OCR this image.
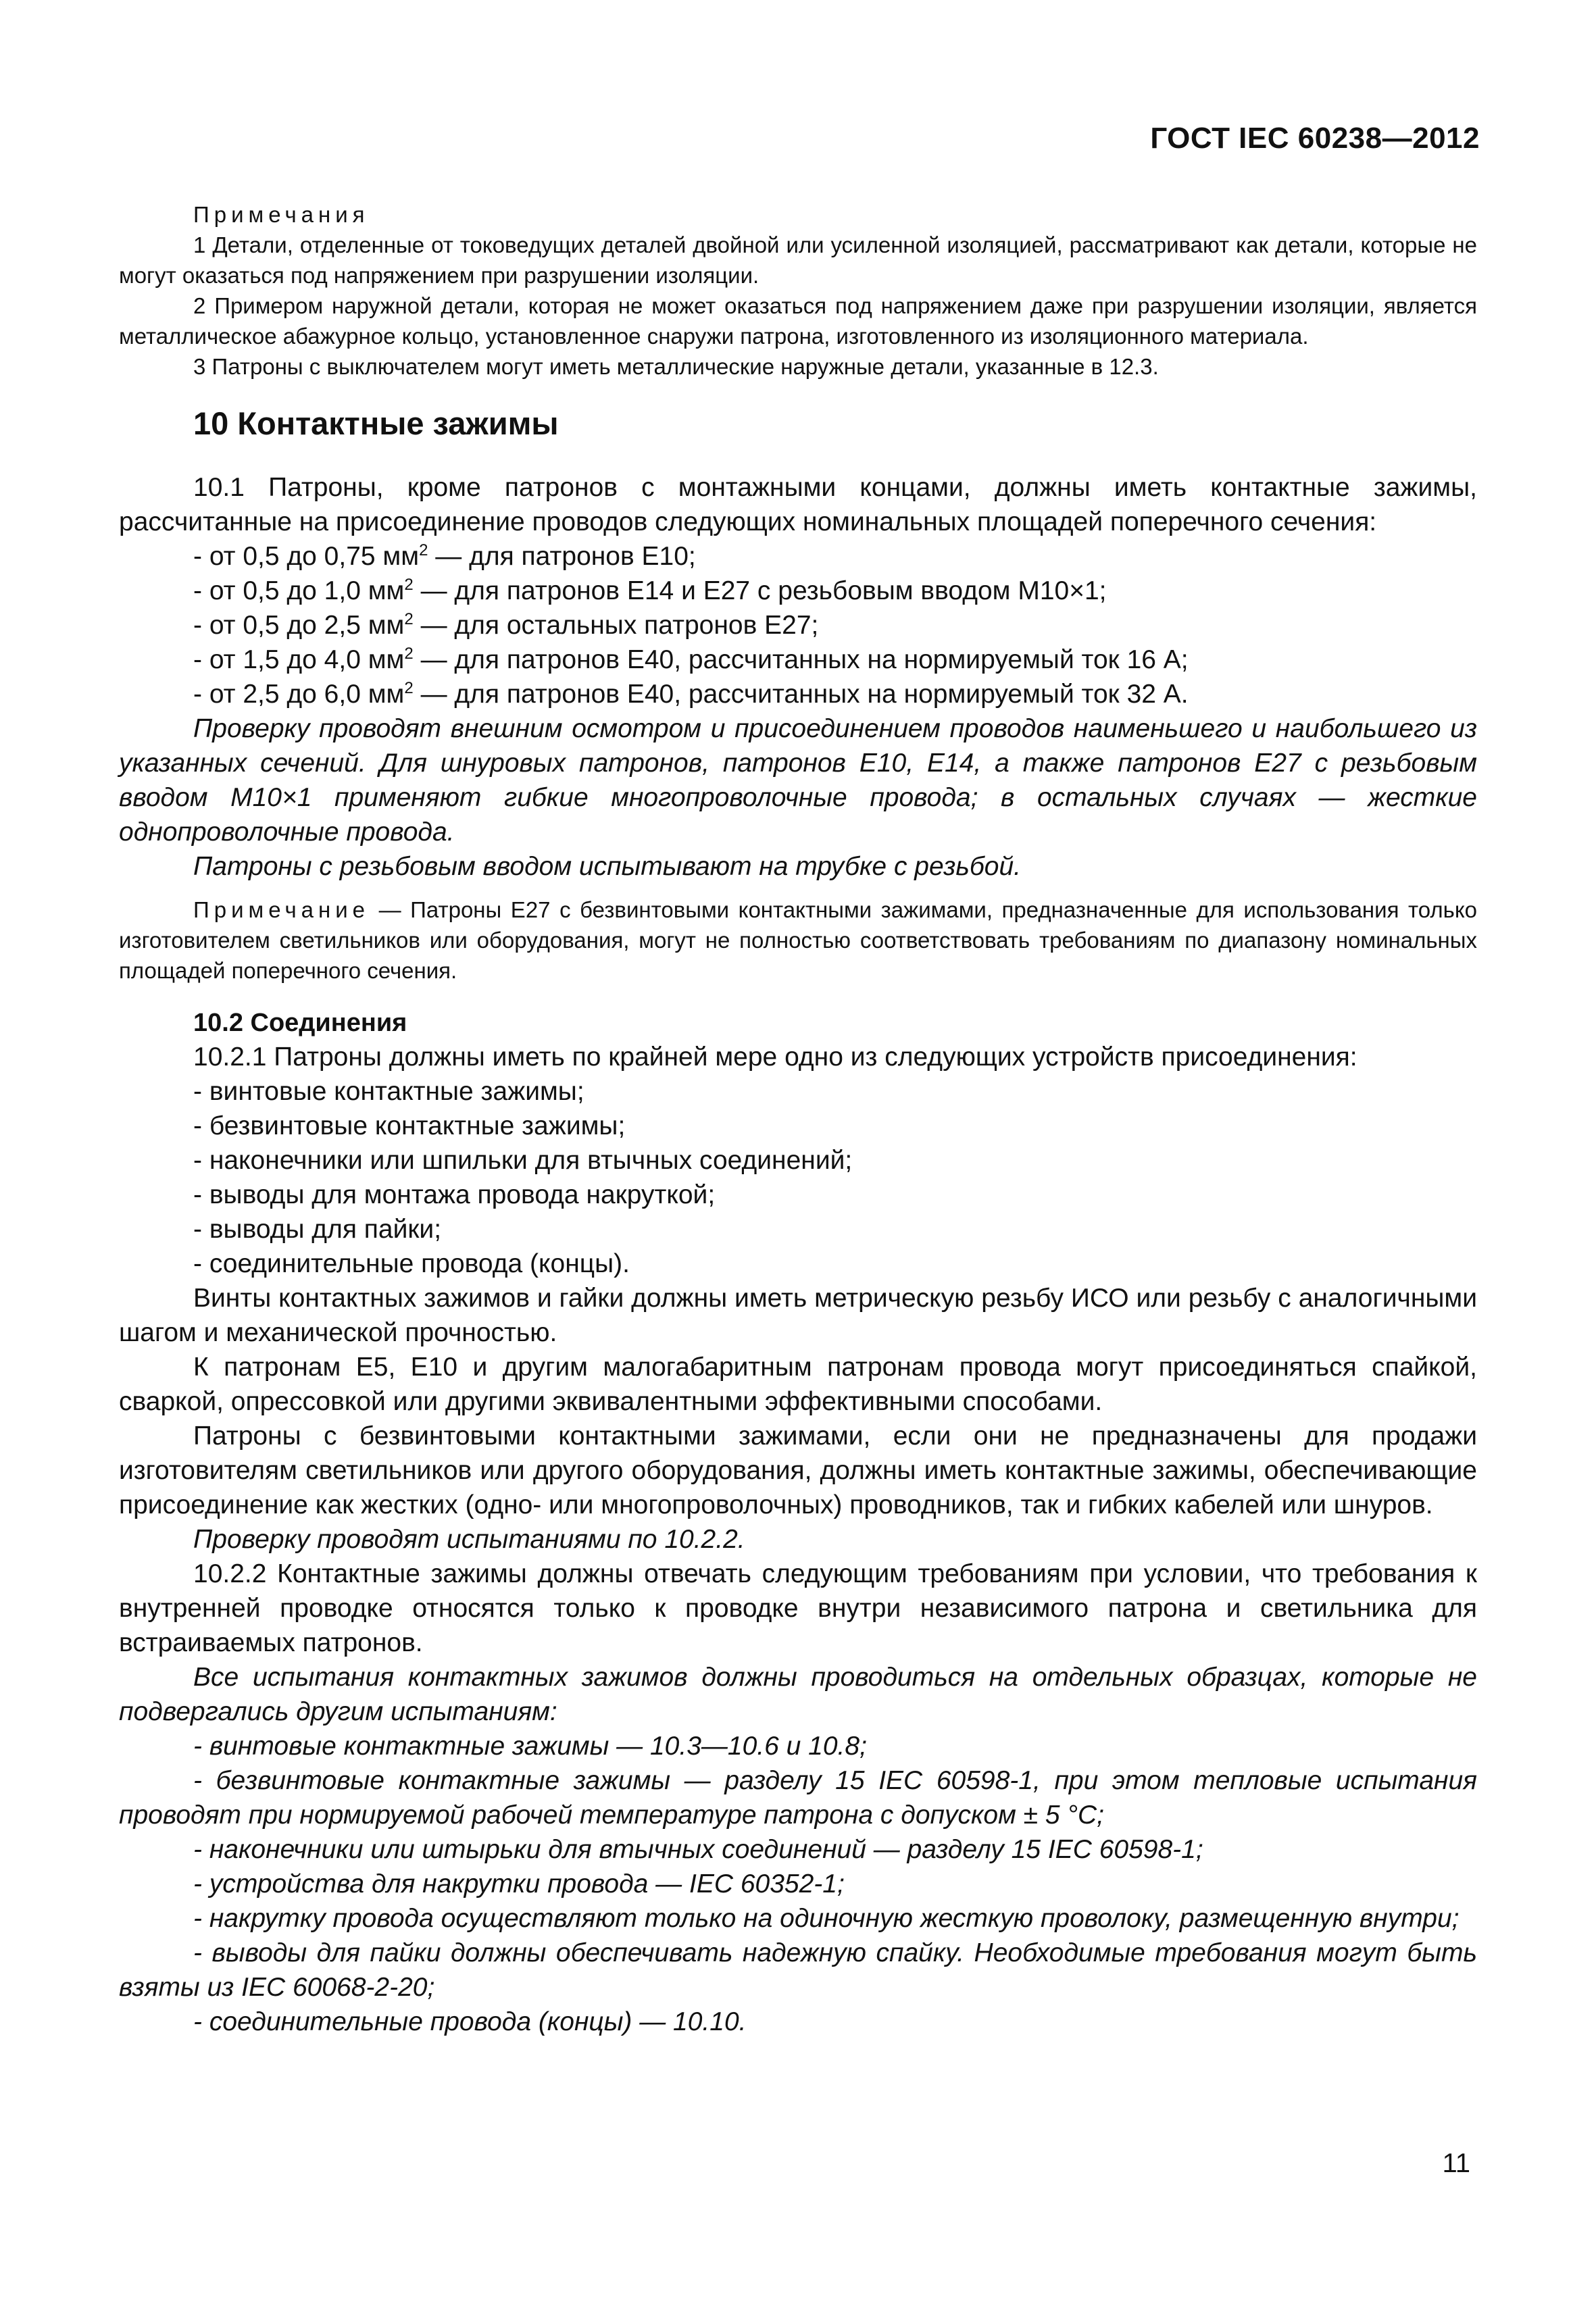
ГОСТ IEC 60238—2012

Примечания

1 Детали, отделенные от токоведущих деталей двойной или усиленной изоляцией, рассматривают как детали, которые не могут оказаться под напряжением при разрушении изоляции.

2 Примером наружной детали, которая не может оказаться под напряжением даже при разрушении изоляции, является металлическое абажурное кольцо, установленное снаружи патрона, изготовленного из изоляционного материала.

3 Патроны с выключателем могут иметь металлические наружные детали, указанные в 12.3.

10 Контактные зажимы

10.1 Патроны, кроме патронов с монтажными концами, должны иметь контактные зажимы, рассчитанные на присоединение проводов следующих номинальных площадей поперечного сечения:

- от 0,5 до 0,75 $мм^2$ — для патронов E10;

- от 0,5 до 1,0 $мм^2$ — для патронов E14 и E27 с резьбовым вводом M10×1;

- от 0,5 до 2,5 $мм^2$ — для остальных патронов E27;

- от 1,5 до 4,0 $мм^2$ — для патронов E40, рассчитанных на нормируемый ток 16 А;

- от 2,5 до 6,0 $мм^2$ — для патронов E40, рассчитанных на нормируемый ток 32 А.

Проверку проводят внешним осмотром и присоединением проводов наименьшего и наибольшего из указанных сечений. Для шнуровых патронов, патронов E10, E14, а также патронов E27 с резьбовым вводом M10×1 применяют гибкие многопроволочные провода; в остальных случаях — жесткие однопроволочные провода.

Патроны с резьбовым вводом испытывают на трубке с резьбой.

Примечание — Патроны E27 с безвинтовыми контактными зажимами, предназначенные для использования только изготовителем светильников или оборудования, могут не полностью соответствовать требованиям по диапазону номинальных площадей поперечного сечения.

10.2 Соединения

10.2.1 Патроны должны иметь по крайней мере одно из следующих устройств присоединения:

- винтовые контактные зажимы;

- безвинтовые контактные зажимы;

- наконечники или шпильки для втычных соединений;

- выводы для монтажа провода накруткой;

- выводы для пайки;

- соединительные провода (концы).

Винты контактных зажимов и гайки должны иметь метрическую резьбу ИСО или резьбу с аналогичными шагом и механической прочностью.

К патронам E5, E10 и другим малогабаритным патронам провода могут присоединяться спайкой, сваркой, опрессовкой или другими эквивалентными эффективными способами.

Патроны с безвинтовыми контактными зажимами, если они не предназначены для продажи изготовителям светильников или другого оборудования, должны иметь контактные зажимы, обеспечивающие присоединение как жестких (одно- или многопроволочных) проводников, так и гибких кабелей или шнуров.

Проверку проводят испытаниями по 10.2.2.

10.2.2 Контактные зажимы должны отвечать следующим требованиям при условии, что требования к внутренней проводке относятся только к проводке внутри независимого патрона и светильника для встраиваемых патронов.

Все испытания контактных зажимов должны проводиться на отдельных образцах, которые не подвергались другим испытаниям:

- винтовые контактные зажимы — 10.3—10.6 и 10.8;

- безвинтовые контактные зажимы — разделу 15 IEC 60598-1, при этом тепловые испытания проводят при нормируемой рабочей температуре патрона с допуском ± 5 °С;

- наконечники или штырьки для втычных соединений — разделу 15 IEC 60598-1;

- устройства для накрутки провода — IEC 60352-1;

- накрутку провода осуществляют только на одиночную жесткую проволоку, размещенную внутри;

- выводы для пайки должны обеспечивать надежную спайку. Необходимые требования могут быть взяты из IEC 60068-2-20;

- соединительные провода (концы) — 10.10.

11
